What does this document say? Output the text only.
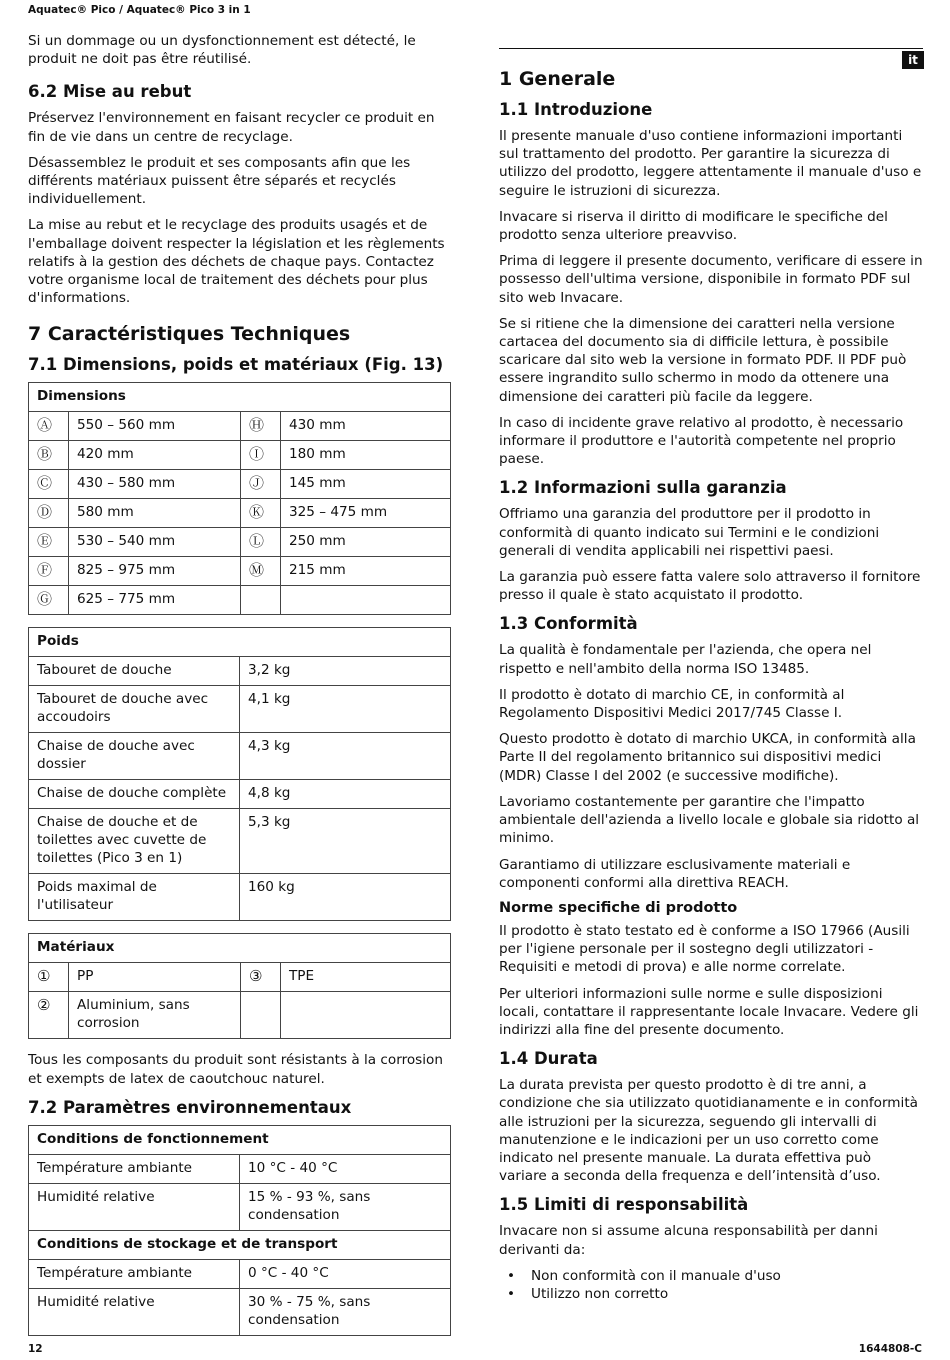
Aquatec® Pico / Aquatec® Pico 3 in 1
it

Si un dommage ou un dysfonctionnement est détecté, le produit ne doit pas être réutilisé.

6.2 Mise au rebut

Préservez l'environnement en faisant recycler ce produit en fin de vie dans un centre de recyclage.

Désassemblez le produit et ses composants afin que les différents matériaux puissent être séparés et recyclés individuellement.

La mise au rebut et le recyclage des produits usagés et de l'emballage doivent respecter la législation et les règlements relatifs à la gestion des déchets de chaque pays. Contactez votre organisme local de traitement des déchets pour plus d'informations.

7 Caractéristiques Techniques
7.1 Dimensions, poids et matériaux (Fig. 13)
Dimensions			
Ⓐ	550 – 560 mm	Ⓗ	430 mm
Ⓑ	420 mm	Ⓘ	180 mm
Ⓒ	430 – 580 mm	Ⓙ	145 mm
Ⓓ	580 mm	Ⓚ	325 – 475 mm
Ⓔ	530 – 540 mm	Ⓛ	250 mm
Ⓕ	825 – 975 mm	Ⓜ	215 mm
Ⓖ	625 – 775 mm		
Poids	
Tabouret de douche	3,2 kg
Tabouret de douche avec accoudoirs	4,1 kg
Chaise de douche avec dossier	4,3 kg
Chaise de douche complète	4,8 kg
Chaise de douche et de toilettes avec cuvette de toilettes (Pico 3 en 1)	5,3 kg
Poids maximal de l'utilisateur	160 kg
Matériaux			
①	PP	③	TPE
②	Aluminium, sans corrosion		

Tous les composants du produit sont résistants à la corrosion et exempts de latex de caoutchouc naturel.

7.2 Paramètres environnementaux
Conditions de fonctionnement	
Température ambiante	10 °C - 40 °C
Humidité relative	15 % - 93 %, sans condensation
Conditions de stockage et de transport	
Température ambiante	0 °C - 40 °C
Humidité relative	30 % - 75 %, sans condensation
1 Generale
1.1 Introduzione

Il presente manuale d'uso contiene informazioni importanti sul trattamento del prodotto. Per garantire la sicurezza di utilizzo del prodotto, leggere attentamente il manuale d'uso e seguire le istruzioni di sicurezza.

Invacare si riserva il diritto di modificare le specifiche del prodotto senza ulteriore preavviso.

Prima di leggere il presente documento, verificare di essere in possesso dell'ultima versione, disponibile in formato PDF sul sito web Invacare.

Se si ritiene che la dimensione dei caratteri nella versione cartacea del documento sia di difficile lettura, è possibile scaricare dal sito web la versione in formato PDF. Il PDF può essere ingrandito sullo schermo in modo da ottenere una dimensione dei caratteri più facile da leggere.

In caso di incidente grave relativo al prodotto, è necessario informare il produttore e l'autorità competente nel proprio paese.

1.2 Informazioni sulla garanzia

Offriamo una garanzia del produttore per il prodotto in conformità di quanto indicato sui Termini e le condizioni generali di vendita applicabili nei rispettivi paesi.

La garanzia può essere fatta valere solo attraverso il fornitore presso il quale è stato acquistato il prodotto.

1.3 Conformità

La qualità è fondamentale per l'azienda, che opera nel rispetto e nell'ambito della norma ISO 13485.

Il prodotto è dotato di marchio CE, in conformità al Regolamento Dispositivi Medici 2017/745 Classe I.

Questo prodotto è dotato di marchio UKCA, in conformità alla Parte II del regolamento britannico sui dispositivi medici (MDR) Classe I del 2002 (e successive modifiche).

Lavoriamo costantemente per garantire che l'impatto ambientale dell'azienda a livello locale e globale sia ridotto al minimo.

Garantiamo di utilizzare esclusivamente materiali e componenti conformi alla direttiva REACH.

Norme specifiche di prodotto

Il prodotto è stato testato ed è conforme a ISO 17966 (Ausili per l'igiene personale per il sostegno degli utilizzatori - Requisiti e metodi di prova) e alle norme correlate.

Per ulteriori informazioni sulle norme e sulle disposizioni locali, contattare il rappresentante locale Invacare. Vedere gli indirizzi alla fine del presente documento.

1.4 Durata

La durata prevista per questo prodotto è di tre anni, a condizione che sia utilizzato quotidianamente e in conformità alle istruzioni per la sicurezza, seguendo gli intervalli di manutenzione e le indicazioni per un uso corretto come indicato nel presente manuale. La durata effettiva può variare a seconda della frequenza e dell’intensità d’uso.

1.5 Limiti di responsabilità

Invacare non si assume alcuna responsabilità per danni derivanti da:

• Non conformità con il manuale d'uso
• Utilizzo non corretto
12	1644808-C
